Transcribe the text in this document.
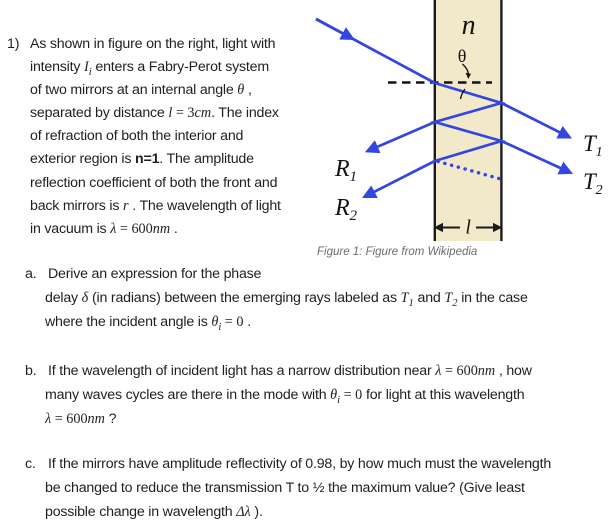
1) As shown in figure on the right, light with
intensity $I_i$ enters a Fabry-Perot system
of two mirrors at an internal angle θ ,
separated by distance l = 3cm. The index
of refraction of both the interior and
exterior region is n=1. The amplitude
reflection coefficient of both the front and
back mirrors is r . The wavelength of light
in vacuum is λ = 600nm .
n
θ
l
$R_1$
$R_2$
$T_1$
$T_2$
Figure 1: Figure from Wikipedia
a. Derive an expression for the phase
delay δ (in radians) between the emerging rays labeled as $T_1$ and $T_2$ in the case
where the incident angle is $\theta_i = 0$ .
b. If the wavelength of incident light has a narrow distribution near λ = 600nm , how
many waves cycles are there in the mode with $\theta_i = 0$ for light at this wavelength
λ = 600nm ?
c. If the mirrors have amplitude reflectivity of 0.98, by how much must the wavelength
be changed to reduce the transmission T to ½ the maximum value? (Give least
possible change in wavelength Δλ ).
